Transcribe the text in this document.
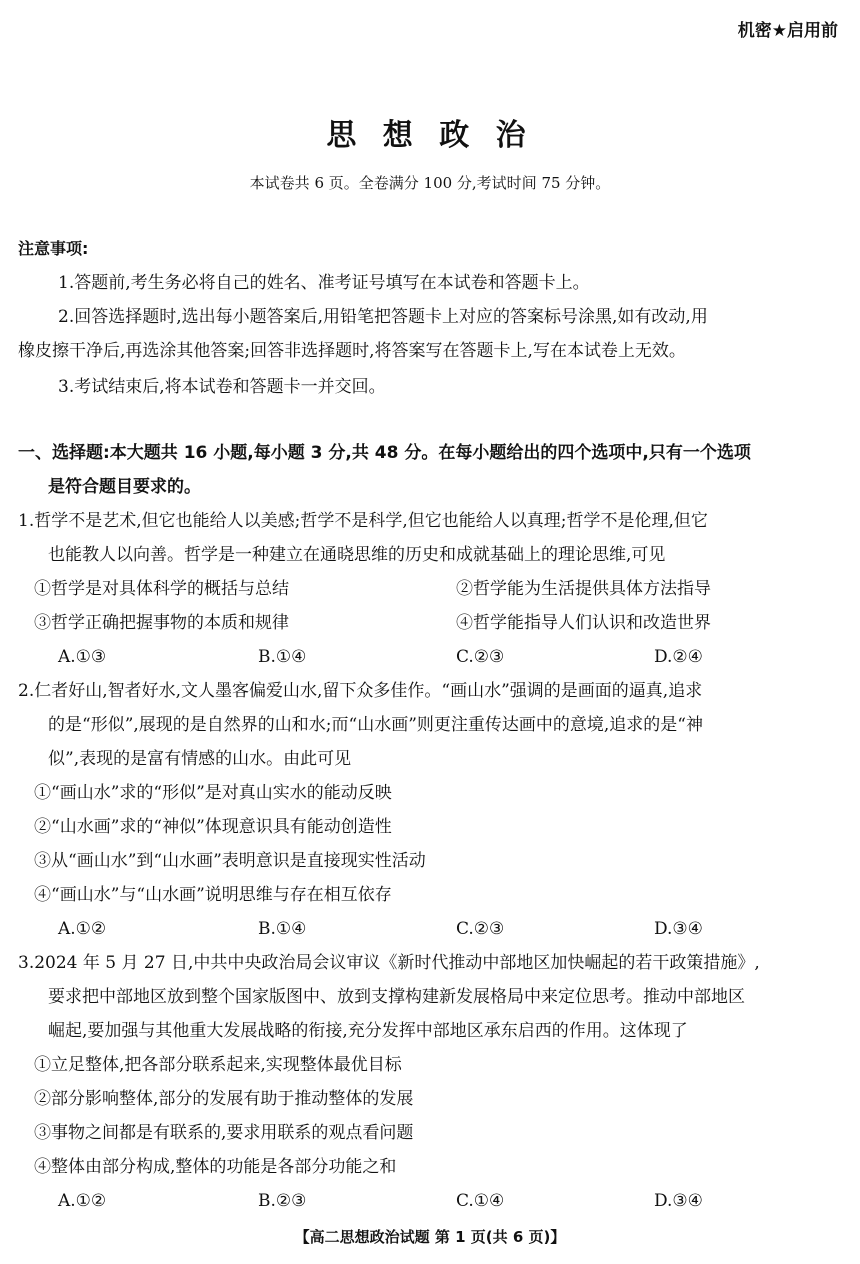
机密★启用前
思 想 政 治
本试卷共 6 页。全卷满分 100 分,考试时间 75 分钟。
注意事项:
1.答题前,考生务必将自己的姓名、准考证号填写在本试卷和答题卡上。
2.回答选择题时,选出每小题答案后,用铅笔把答题卡上对应的答案标号涂黑,如有改动,用
橡皮擦干净后,再选涂其他答案;回答非选择题时,将答案写在答题卡上,写在本试卷上无效。
3.考试结束后,将本试卷和答题卡一并交回。
一、选择题:本大题共 16 小题,每小题 3 分,共 48 分。在每小题给出的四个选项中,只有一个选项
是符合题目要求的。
1.哲学不是艺术,但它也能给人以美感;哲学不是科学,但它也能给人以真理;哲学不是伦理,但它
也能教人以向善。哲学是一种建立在通晓思维的历史和成就基础上的理论思维,可见
①哲学是对具体科学的概括与总结	②哲学能为生活提供具体方法指导
③哲学正确把握事物的本质和规律	④哲学能指导人们认识和改造世界
A.①③	B.①④	C.②③	D.②④
2.仁者好山,智者好水,文人墨客偏爱山水,留下众多佳作。“画山水”强调的是画面的逼真,追求
的是“形似”,展现的是自然界的山和水;而“山水画”则更注重传达画中的意境,追求的是“神
似”,表现的是富有情感的山水。由此可见
①“画山水”求的“形似”是对真山实水的能动反映
②“山水画”求的“神似”体现意识具有能动创造性
③从“画山水”到“山水画”表明意识是直接现实性活动
④“画山水”与“山水画”说明思维与存在相互依存
A.①②	B.①④	C.②③	D.③④
3.2024 年 5 月 27 日,中共中央政治局会议审议《新时代推动中部地区加快崛起的若干政策措施》,
要求把中部地区放到整个国家版图中、放到支撑构建新发展格局中来定位思考。推动中部地区
崛起,要加强与其他重大发展战略的衔接,充分发挥中部地区承东启西的作用。这体现了
①立足整体,把各部分联系起来,实现整体最优目标
②部分影响整体,部分的发展有助于推动整体的发展
③事物之间都是有联系的,要求用联系的观点看问题
④整体由部分构成,整体的功能是各部分功能之和
A.①②	B.②③	C.①④	D.③④
【高二思想政治试题 第 1 页(共 6 页)】
